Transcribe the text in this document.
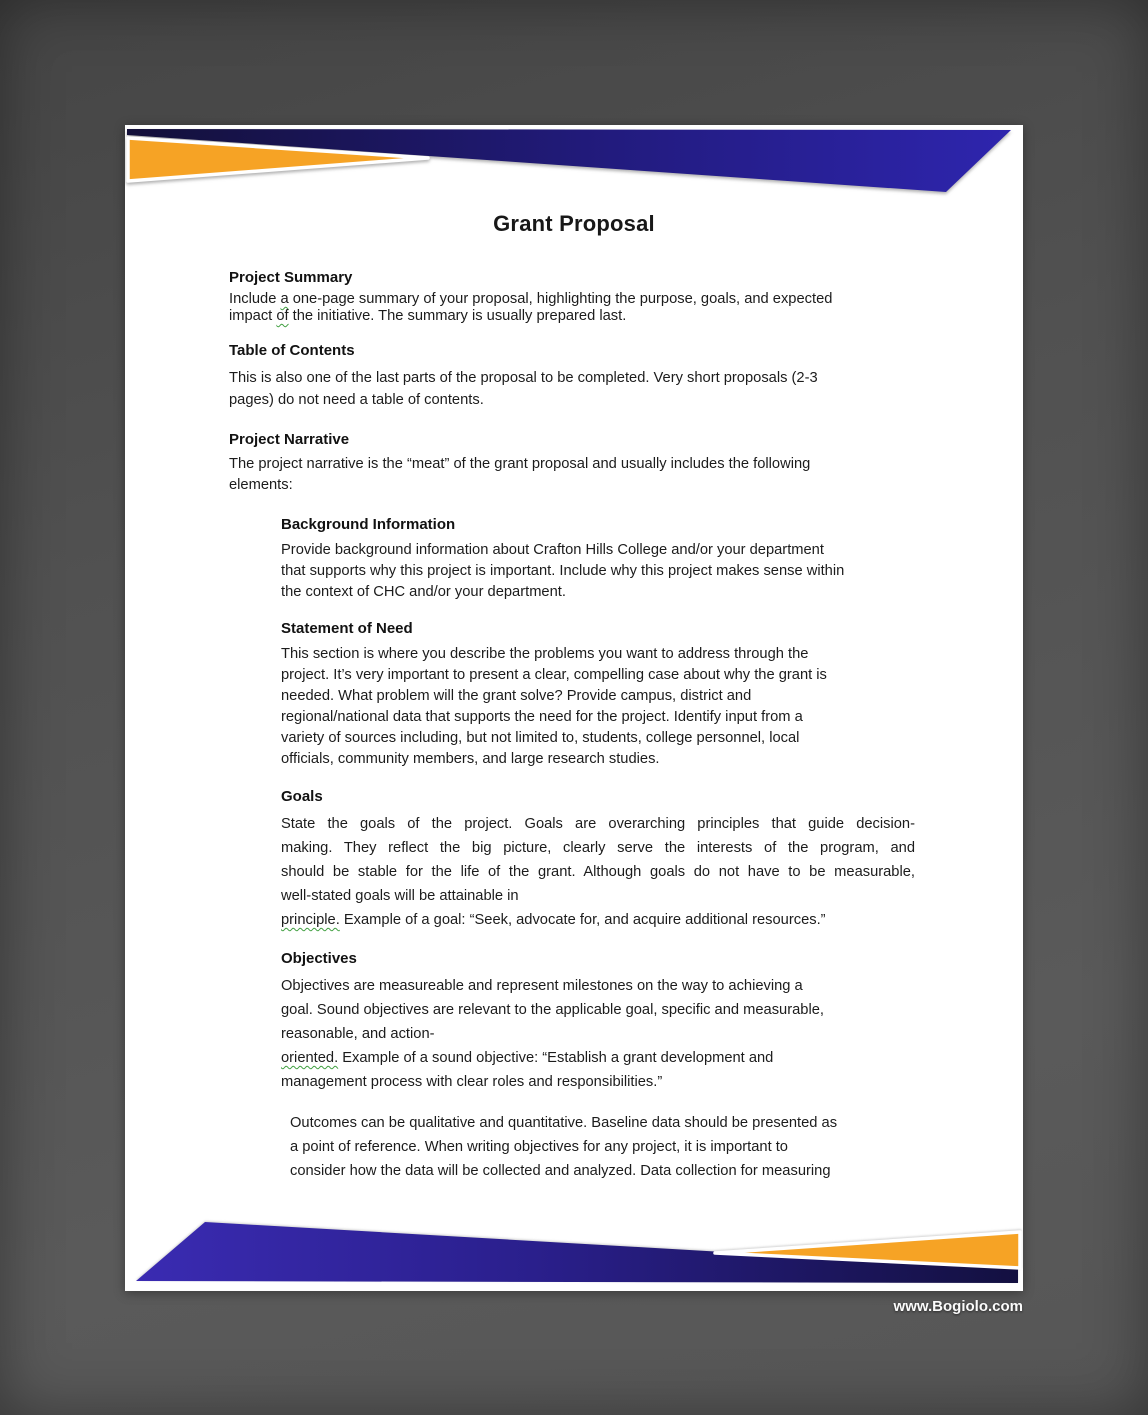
Grant Proposal
Project Summary
Include a one-page summary of your proposal, highlighting the purpose, goals, and expected
impact of the initiative. The summary is usually prepared last.
Table of Contents
This is also one of the last parts of the proposal to be completed. Very short proposals (2-3
pages) do not need a table of contents.
Project Narrative
The project narrative is the “meat” of the grant proposal and usually includes the following
elements:
Background Information
Provide background information about Crafton Hills College and/or your department
that supports why this project is important. Include why this project makes sense within
the context of CHC and/or your department.
Statement of Need
This section is where you describe the problems you want to address through the
project. It’s very important to present a clear, compelling case about why the grant is
needed. What problem will the grant solve? Provide campus, district and
regional/national data that supports the need for the project. Identify input from a
variety of sources including, but not limited to, students, college personnel, local
officials, community members, and large research studies.
Goals
State the goals of the project. Goals are overarching principles that guide decision-
making. They reflect the big picture, clearly serve the interests of the program, and
should be stable for the life of the grant. Although goals do not have to be measurable,
well-stated goals will be attainable in
principle. Example of a goal: “Seek, advocate for, and acquire additional resources.”
Objectives
Objectives are measureable and represent milestones on the way to achieving a
goal. Sound objectives are relevant to the applicable goal, specific and measurable,
reasonable, and action-
oriented. Example of a sound objective: “Establish a grant development and
management process with clear roles and responsibilities.”
Outcomes can be qualitative and quantitative. Baseline data should be presented as
a point of reference. When writing objectives for any project, it is important to
consider how the data will be collected and analyzed. Data collection for measuring
www.Bogiolo.com
